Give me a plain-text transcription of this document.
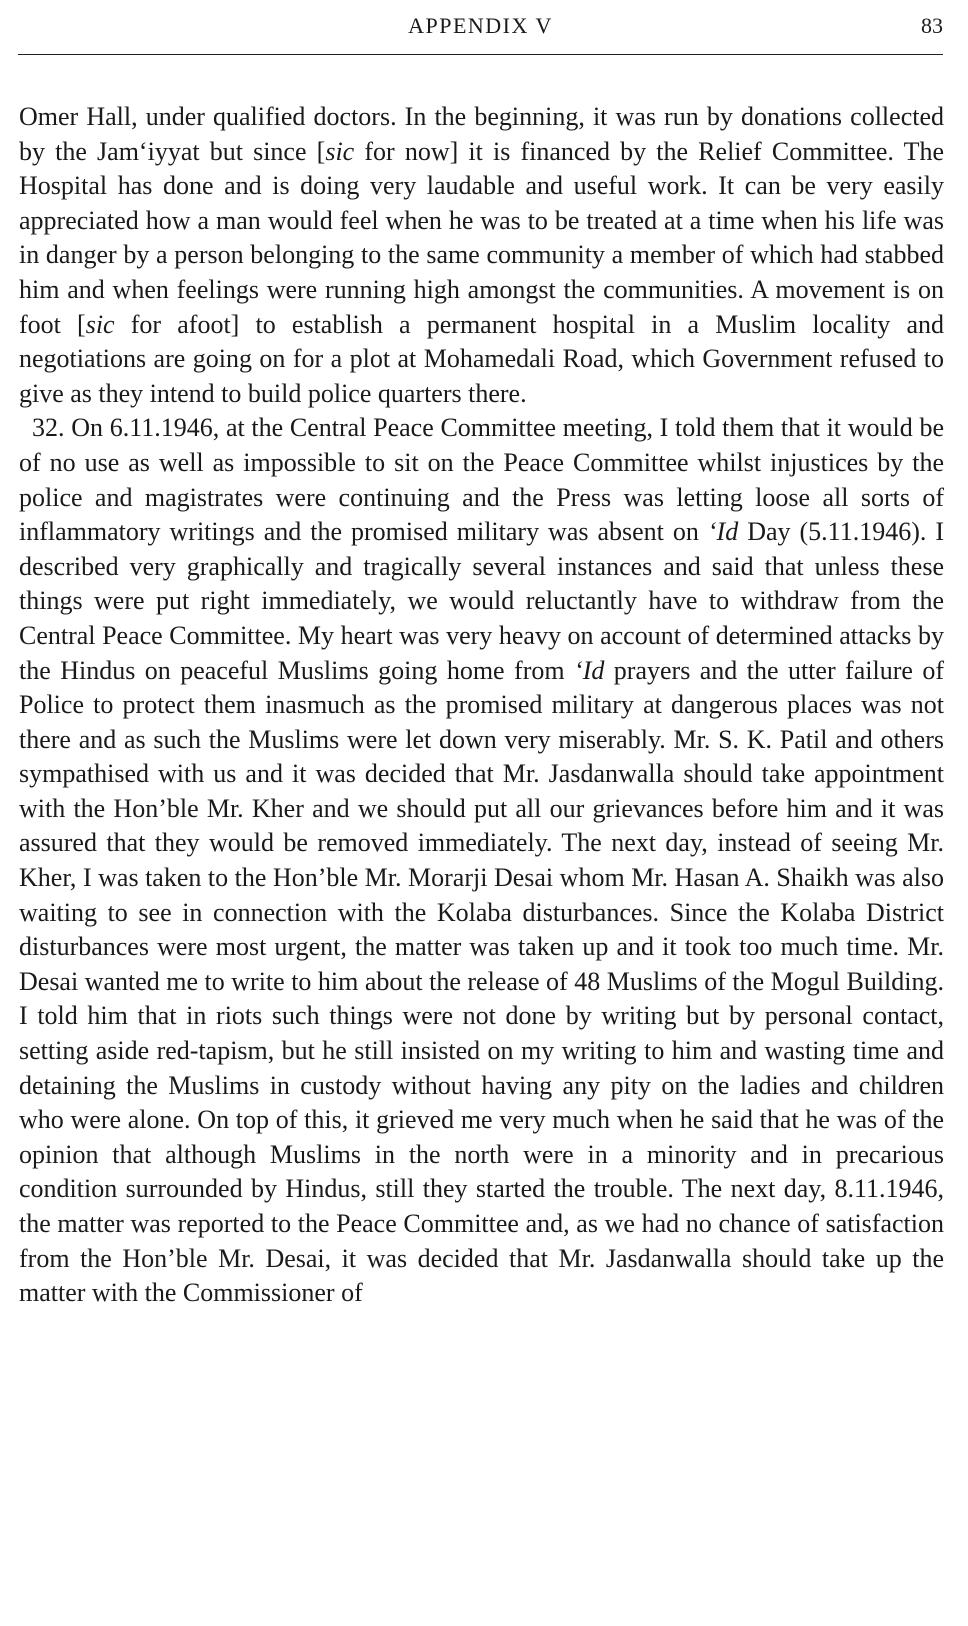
APPENDIX V	83

Omer Hall, under qualified doctors. In the beginning, it was run by donations collected by the Jam‘iyyat but since [sic for now] it is financed by the Relief Committee. The Hospital has done and is doing very laudable and useful work. It can be very easily appreciated how a man would feel when he was to be treated at a time when his life was in danger by a person belonging to the same community a member of which had stabbed him and when feelings were running high amongst the communities. A movement is on foot [sic for afoot] to establish a permanent hospital in a Muslim locality and negotiations are going on for a plot at Mohamedali Road, which Government refused to give as they intend to build police quarters there.

32. On 6.11.1946, at the Central Peace Committee meeting, I told them that it would be of no use as well as impossible to sit on the Peace Committee whilst injustices by the police and magistrates were continuing and the Press was letting loose all sorts of inflammatory writings and the promised military was absent on ‘Id Day (5.11.1946). I described very graphically and tragically several instances and said that unless these things were put right immediately, we would reluctantly have to withdraw from the Central Peace Committee. My heart was very heavy on account of determined attacks by the Hindus on peaceful Muslims going home from ‘Id prayers and the utter failure of Police to protect them inasmuch as the promised military at dangerous places was not there and as such the Muslims were let down very miserably. Mr. S. K. Patil and others sympathised with us and it was decided that Mr. Jasdanwalla should take appointment with the Hon’ble Mr. Kher and we should put all our grievances before him and it was assured that they would be removed immediately. The next day, instead of seeing Mr. Kher, I was taken to the Hon’ble Mr. Morarji Desai whom Mr. Hasan A. Shaikh was also waiting to see in connection with the Kolaba disturbances. Since the Kolaba District disturbances were most urgent, the matter was taken up and it took too much time. Mr. Desai wanted me to write to him about the release of 48 Muslims of the Mogul Building. I told him that in riots such things were not done by writing but by personal contact, setting aside red-tapism, but he still insisted on my writing to him and wasting time and detaining the Muslims in custody without having any pity on the ladies and children who were alone. On top of this, it grieved me very much when he said that he was of the opinion that although Muslims in the north were in a minority and in precarious condition surrounded by Hindus, still they started the trouble. The next day, 8.11.1946, the matter was reported to the Peace Committee and, as we had no chance of satisfaction from the Hon’ble Mr. Desai, it was decided that Mr. Jasdanwalla should take up the matter with the Commissioner of
